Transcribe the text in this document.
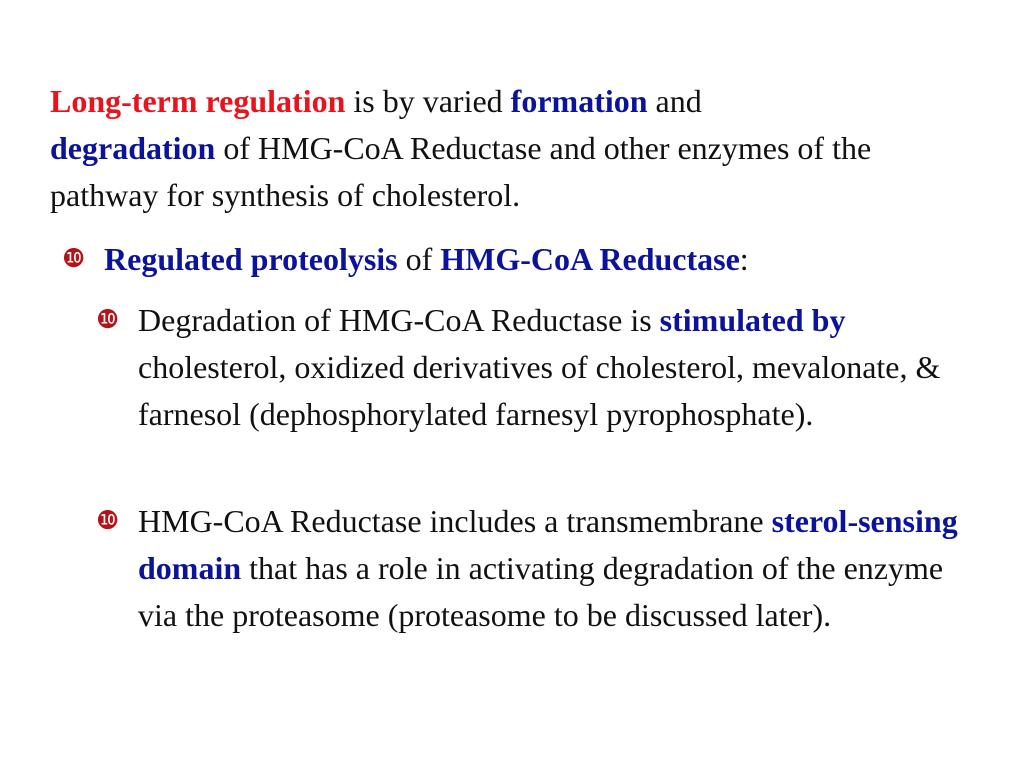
Long-term regulation is by varied formation and
degradation of HMG-CoA Reductase and other enzymes of the pathway for synthesis of cholesterol.
❿ Regulated proteolysis of HMG-CoA Reductase:
❿ Degradation of HMG-CoA Reductase is stimulated by cholesterol, oxidized derivatives of cholesterol, mevalonate, & farnesol (dephosphorylated farnesyl pyrophosphate).
❿ HMG-CoA Reductase includes a transmembrane sterol-sensing domain that has a role in activating degradation of the enzyme via the proteasome (proteasome to be discussed later).
